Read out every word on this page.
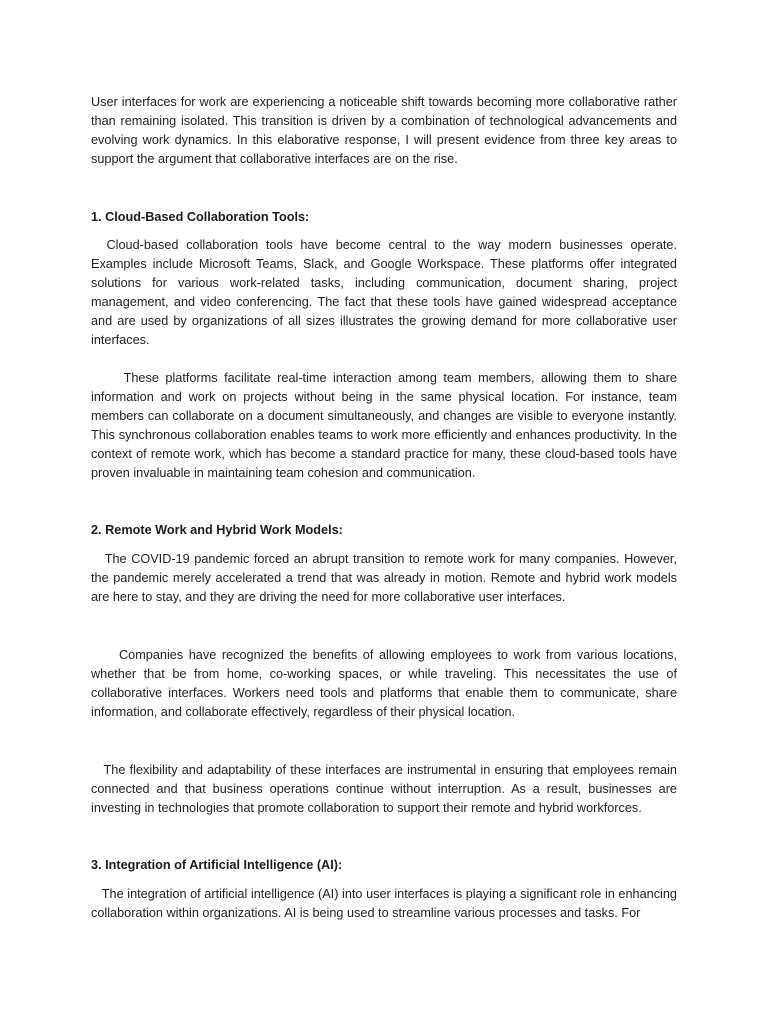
User interfaces for work are experiencing a noticeable shift towards becoming more collaborative rather than remaining isolated. This transition is driven by a combination of technological advancements and evolving work dynamics. In this elaborative response, I will present evidence from three key areas to support the argument that collaborative interfaces are on the rise.

1. Cloud-Based Collaboration Tools:

Cloud-based collaboration tools have become central to the way modern businesses operate. Examples include Microsoft Teams, Slack, and Google Workspace. These platforms offer integrated solutions for various work-related tasks, including communication, document sharing, project management, and video conferencing. The fact that these tools have gained widespread acceptance and are used by organizations of all sizes illustrates the growing demand for more collaborative user interfaces.

These platforms facilitate real-time interaction among team members, allowing them to share information and work on projects without being in the same physical location. For instance, team members can collaborate on a document simultaneously, and changes are visible to everyone instantly. This synchronous collaboration enables teams to work more efficiently and enhances productivity. In the context of remote work, which has become a standard practice for many, these cloud-based tools have proven invaluable in maintaining team cohesion and communication.

2. Remote Work and Hybrid Work Models:

The COVID-19 pandemic forced an abrupt transition to remote work for many companies. However, the pandemic merely accelerated a trend that was already in motion. Remote and hybrid work models are here to stay, and they are driving the need for more collaborative user interfaces.

Companies have recognized the benefits of allowing employees to work from various locations, whether that be from home, co-working spaces, or while traveling. This necessitates the use of collaborative interfaces. Workers need tools and platforms that enable them to communicate, share information, and collaborate effectively, regardless of their physical location.

The flexibility and adaptability of these interfaces are instrumental in ensuring that employees remain connected and that business operations continue without interruption. As a result, businesses are investing in technologies that promote collaboration to support their remote and hybrid workforces.

3. Integration of Artificial Intelligence (AI):

The integration of artificial intelligence (AI) into user interfaces is playing a significant role in enhancing collaboration within organizations. AI is being used to streamline various processes and tasks. For
